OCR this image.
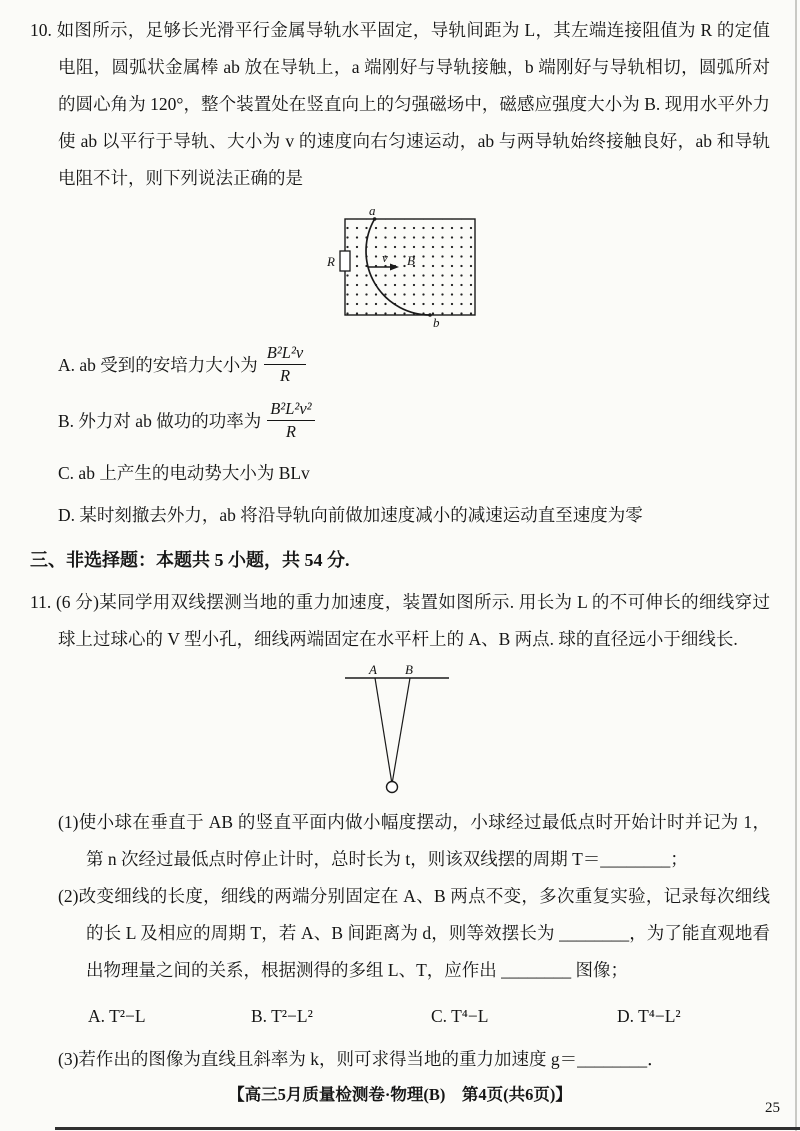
10. 如图所示，足够长光滑平行金属导轨水平固定，导轨间距为 L，其左端连接阻值为 R 的定值电阻，圆弧状金属棒 ab 放在导轨上，a 端刚好与导轨接触，b 端刚好与导轨相切，圆弧所对的圆心角为 120°，整个装置处在竖直向上的匀强磁场中，磁感应强度大小为 B. 现用水平外力使 ab 以平行于导轨、大小为 v 的速度向右匀速运动，ab 与两导轨始终接触良好，ab 和导轨电阻不计，则下列说法正确的是

R
a
b
v B
A. ab 受到的安培力大小为 $\frac{\text{B²L²v}}{R}$
B. 外力对 ab 做功的功率为 $\frac{\text{B²L²v²}}{R}$
C. ab 上产生的电动势大小为 BLv
D. 某时刻撤去外力，ab 将沿导轨向前做加速度减小的减速运动直至速度为零
三、非选择题：本题共 5 小题，共 54 分.

11. (6 分)某同学用双线摆测当地的重力加速度，装置如图所示. 用长为 L 的不可伸长的细线穿过球上过球心的 V 型小孔，细线两端固定在水平杆上的 A、B 两点. 球的直径远小于细线长.

A B

(1)使小球在垂直于 AB 的竖直平面内做小幅度摆动，小球经过最低点时开始计时并记为 1，第 n 次经过最低点时停止计时，总时长为 t，则该双线摆的周期 T＝________；

(2)改变细线的长度，细线的两端分别固定在 A、B 两点不变，多次重复实验，记录每次细线的长 L 及相应的周期 T，若 A、B 间距离为 d，则等效摆长为 ________，为了能直观地看出物理量之间的关系，根据测得的多组 L、T，应作出 ________ 图像；

A. T²−L	B. T²−L²	C. T⁴−L	D. T⁴−L²

(3)若作出的图像为直线且斜率为 k，则可求得当地的重力加速度 g＝________．

【高三5月质量检测卷·物理(B)　第4页(共6页)】
25
